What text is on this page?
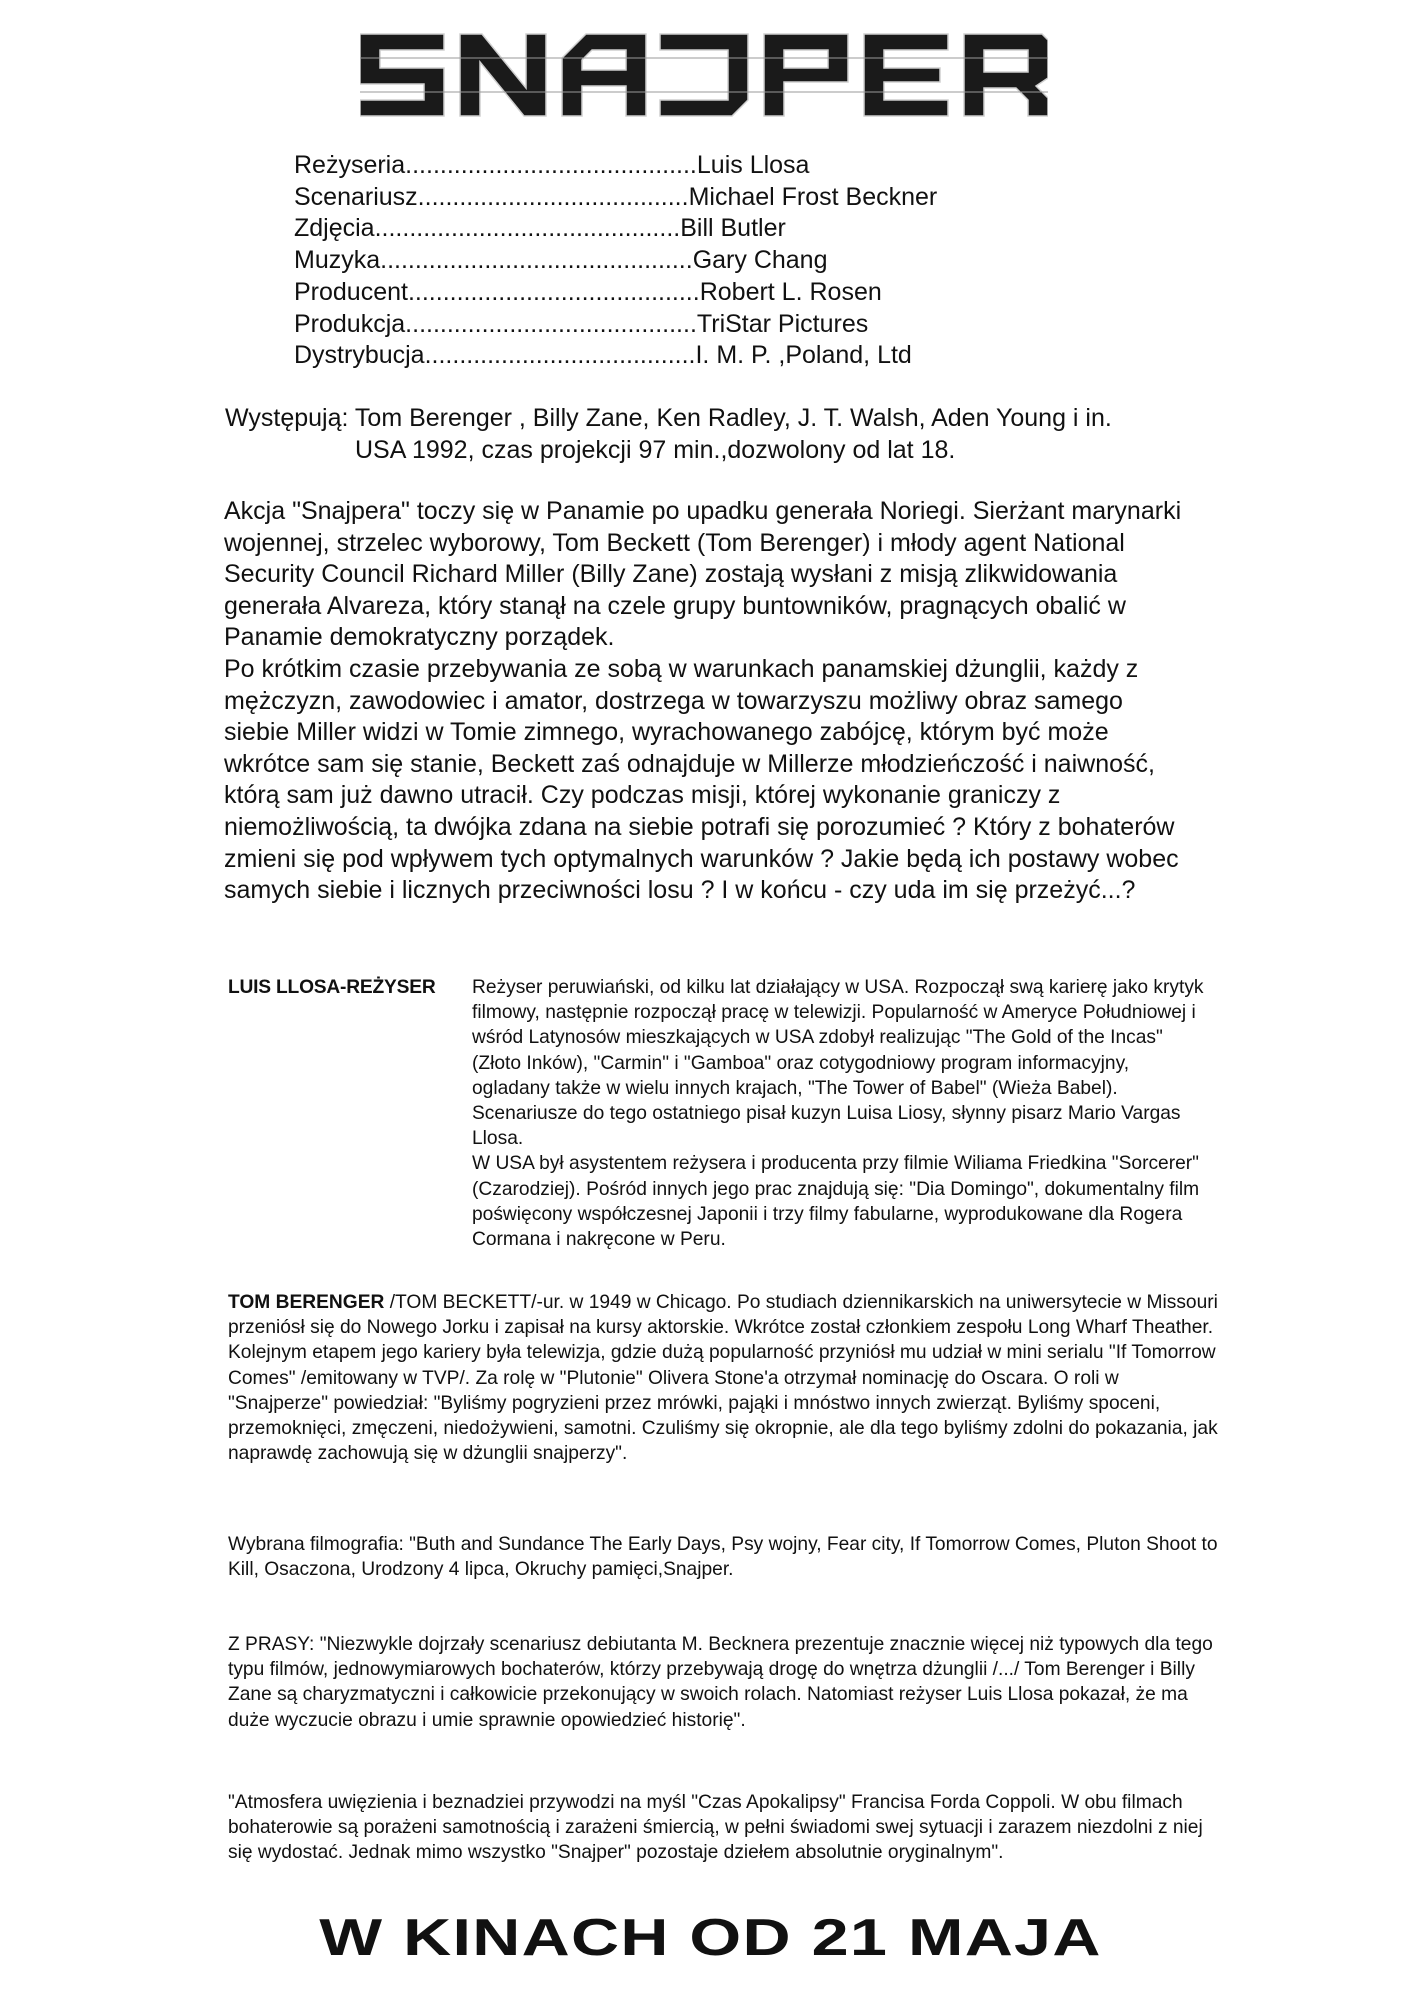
Reżyseria..........................................Luis Llosa
Scenariusz.......................................Michael Frost Beckner
Zdjęcia............................................Bill Butler
Muzyka.............................................Gary Chang
Producent..........................................Robert L. Rosen
Produkcja..........................................TriStar Pictures
Dystrybucja.......................................I. M. P. ,Poland, Ltd
Występują: Tom Berenger , Billy Zane, Ken Radley, J. T. Walsh, Aden Young i in.
USA 1992, czas projekcji 97 min.,dozwolony od lat 18.

Akcja "Snajpera" toczy się w Panamie po upadku generała Noriegi. Sierżant marynarki wojennej, strzelec wyborowy, Tom Beckett (Tom Berenger) i młody agent National Security Council Richard Miller (Billy Zane) zostają wysłani z misją zlikwidowania generała Alvareza, który stanął na czele grupy buntowników, pragnących obalić w Panamie demokratyczny porządek.

Po krótkim czasie przebywania ze sobą w warunkach panamskiej dżunglii, każdy z mężczyzn, zawodowiec i amator, dostrzega w towarzyszu możliwy obraz samego siebie Miller widzi w Tomie zimnego, wyrachowanego zabójcę, którym być może wkrótce sam się stanie, Beckett zaś odnajduje w Millerze młodzieńczość i naiwność, którą sam już dawno utracił. Czy podczas misji, której wykonanie graniczy z niemożliwością, ta dwójka zdana na siebie potrafi się porozumieć ? Który z bohaterów zmieni się pod wpływem tych optymalnych warunków ? Jakie będą ich postawy wobec samych siebie i licznych przeciwności losu ? I w końcu - czy uda im się przeżyć...?

LUIS LLOSA-REŻYSER	Reżyser peruwiański, od kilku lat działający w USA. Rozpoczął swą karierę jako krytyk filmowy, następnie rozpoczął pracę w telewizji. Popularność w Ameryce Południowej i wśród Latynosów mieszkających w USA zdobył realizując "The Gold of the Incas" (Złoto Inków), "Carmin" i "Gamboa" oraz cotygodniowy program informacyjny, ogladany także w wielu innych krajach, "The Tower of Babel" (Wieża Babel). Scenariusze do tego ostatniego pisał kuzyn Luisa Liosy, słynny pisarz Mario Vargas Llosa.
W USA był asystentem reżysera i producenta przy filmie Wiliama Friedkina "Sorcerer" (Czarodziej). Pośród innych jego prac znajdują się: "Dia Domingo", dokumentalny film poświęcony współczesnej Japonii i trzy filmy fabularne, wyprodukowane dla Rogera Cormana i nakręcone w Peru.
TOM BERENGER /TOM BECKETT/-ur. w 1949 w Chicago. Po studiach dziennikarskich na uniwersytecie w Missouri przeniósł się do Nowego Jorku i zapisał na kursy aktorskie. Wkrótce został członkiem zespołu Long Wharf Theather. Kolejnym etapem jego kariery była telewizja, gdzie dużą popularność przyniósł mu udział w mini serialu "If Tomorrow Comes" /emitowany w TVP/. Za rolę w "Plutonie" Olivera Stone'a otrzymał nominację do Oscara. O roli w "Snajperze" powiedział: "Byliśmy pogryzieni przez mrówki, pająki i mnóstwo innych zwierząt. Byliśmy spoceni, przemoknięci, zmęczeni, niedożywieni, samotni. Czuliśmy się okropnie, ale dla tego byliśmy zdolni do pokazania, jak naprawdę zachowują się w dżunglii snajperzy".
Wybrana filmografia: "Buth and Sundance The Early Days, Psy wojny, Fear city, If Tomorrow Comes, Pluton Shoot to Kill, Osaczona, Urodzony 4 lipca, Okruchy pamięci,Snajper.
Z PRASY: "Niezwykle dojrzały scenariusz debiutanta M. Becknera prezentuje znacznie więcej niż typowych dla tego typu filmów, jednowymiarowych bochaterów, którzy przebywają drogę do wnętrza dżunglii /.../ Tom Berenger i Billy Zane są charyzmatyczni i całkowicie przekonujący w swoich rolach. Natomiast reżyser Luis Llosa pokazał, że ma duże wyczucie obrazu i umie sprawnie opowiedzieć historię".
"Atmosfera uwięzienia i beznadziei przywodzi na myśl "Czas Apokalipsy" Francisa Forda Coppoli. W obu filmach bohaterowie są porażeni samotnością i zarażeni śmiercią, w pełni świadomi swej sytuacji i zarazem niezdolni z niej się wydostać. Jednak mimo wszystko "Snajper" pozostaje dziełem absolutnie oryginalnym".
W KINACH OD 21 MAJA
